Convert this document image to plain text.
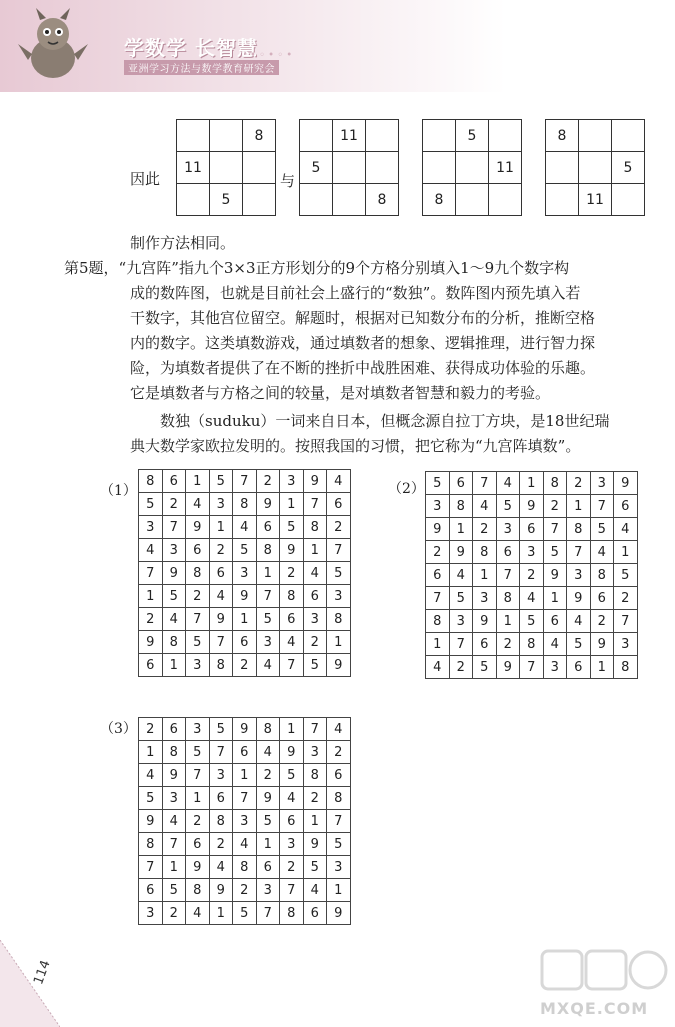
学数学 长智慧
亚洲学习方法与数学教育研究会
• ◦ • ◦ •
因此	与
		8
11		
	5	
	11	
5		
		8
	5	
		11
8		
8		
		5
	11	
制作方法相同。
第5题，“九宫阵”指九个3×3正方形划分的9个方格分别填入1～9九个数字构
成的数阵图，也就是目前社会上盛行的“数独”。数阵图内预先填入若
干数字，其他宫位留空。解题时，根据对已知数分布的分析，推断空格
内的数字。这类填数游戏，通过填数者的想象、逻辑推理，进行智力探
险，为填数者提供了在不断的挫折中战胜困难、获得成功体验的乐趣。
它是填数者与方格之间的较量，是对填数者智慧和毅力的考验。
数独（suduku）一词来自日本，但概念源自拉丁方块，是18世纪瑞
典大数学家欧拉发明的。按照我国的习惯，把它称为“九宫阵填数”。
（1）
8	6	1	5	7	2	3	9	4
5	2	4	3	8	9	1	7	6
3	7	9	1	4	6	5	8	2
4	3	6	2	5	8	9	1	7
7	9	8	6	3	1	2	4	5
1	5	2	4	9	7	8	6	3
2	4	7	9	1	5	6	3	8
9	8	5	7	6	3	4	2	1
6	1	3	8	2	4	7	5	9
（2） 5	6	7	4	1	8	2	3	9
3	8	4	5	9	2	1	7	6
9	1	2	3	6	7	8	5	4
2	9	8	6	3	5	7	4	1
6	4	1	7	2	9	3	8	5
7	5	3	8	4	1	9	6	2
8	3	9	1	5	6	4	2	7
1	7	6	2	8	4	5	9	3
4	2	5	9	7	3	6	1	8
（3） 2	6	3	5	9	8	1	7	4
1	8	5	7	6	4	9	3	2
4	9	7	3	1	2	5	8	6
5	3	1	6	7	9	4	2	8
9	4	2	8	3	5	6	1	7
8	7	6	2	4	1	3	9	5
7	1	9	4	8	6	2	5	3
6	5	8	9	2	3	7	4	1
3	2	4	1	5	7	8	6	9
114
MXQE.COM
